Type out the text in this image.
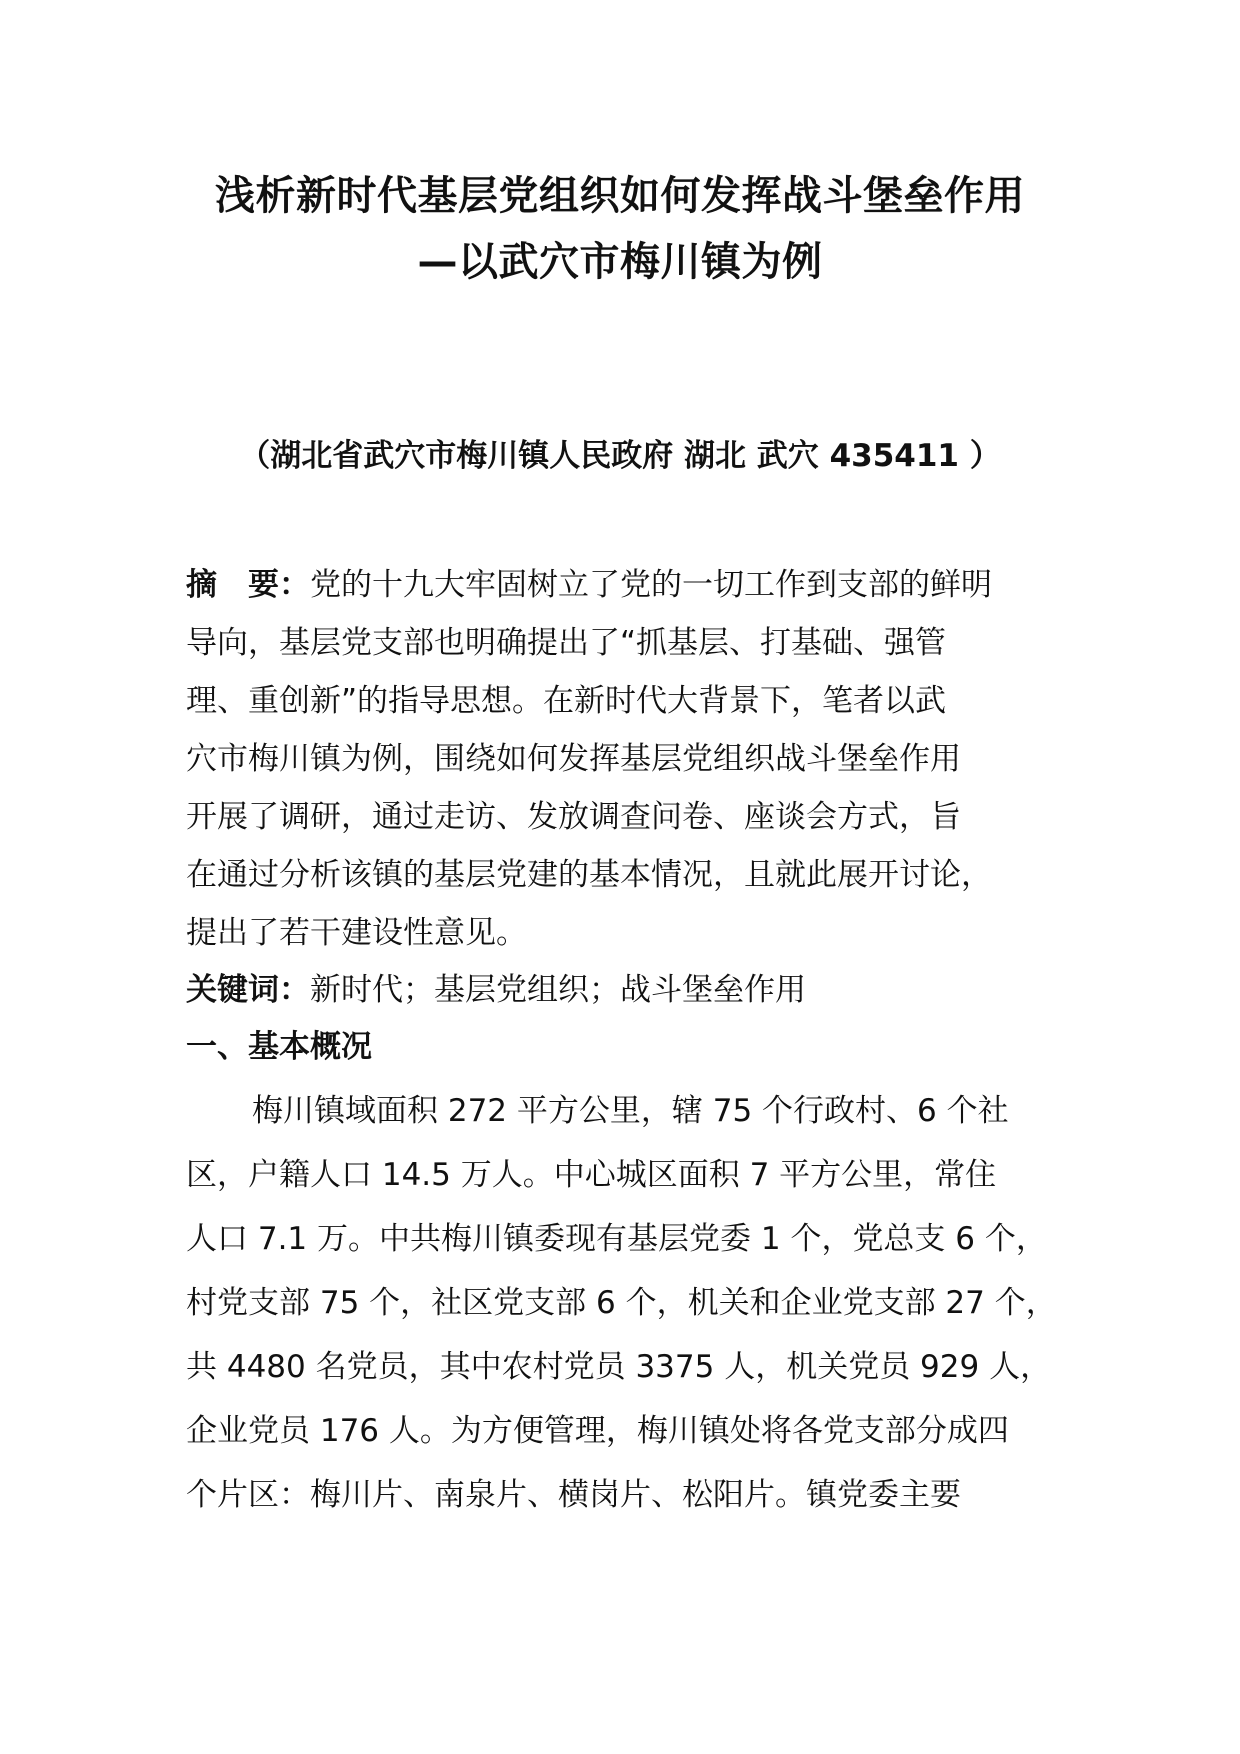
浅析新时代基层党组织如何发挥战斗堡垒作用
—以武穴市梅川镇为例
（湖北省武穴市梅川镇人民政府 湖北 武穴 435411 ）
摘　要：党的十九大牢固树立了党的一切工作到支部的鲜明
导向，基层党支部也明确提出了“抓基层、打基础、强管
理、重创新”的指导思想。在新时代大背景下，笔者以武
穴市梅川镇为例，围绕如何发挥基层党组织战斗堡垒作用
开展了调研，通过走访、发放调查问卷、座谈会方式，旨
在通过分析该镇的基层党建的基本情况，且就此展开讨论，
提出了若干建设性意见。
关键词：新时代；基层党组织；战斗堡垒作用
一、基本概况
梅川镇域面积 272 平方公里，辖 75 个行政村、6 个社
区，户籍人口 14.5 万人。中心城区面积 7 平方公里，常住
人口 7.1 万。中共梅川镇委现有基层党委 1 个，党总支 6 个，
村党支部 75 个，社区党支部 6 个，机关和企业党支部 27 个，
共 4480 名党员，其中农村党员 3375 人，机关党员 929 人，
企业党员 176 人。为方便管理，梅川镇处将各党支部分成四
个片区：梅川片、南泉片、横岗片、松阳片。镇党委主要
